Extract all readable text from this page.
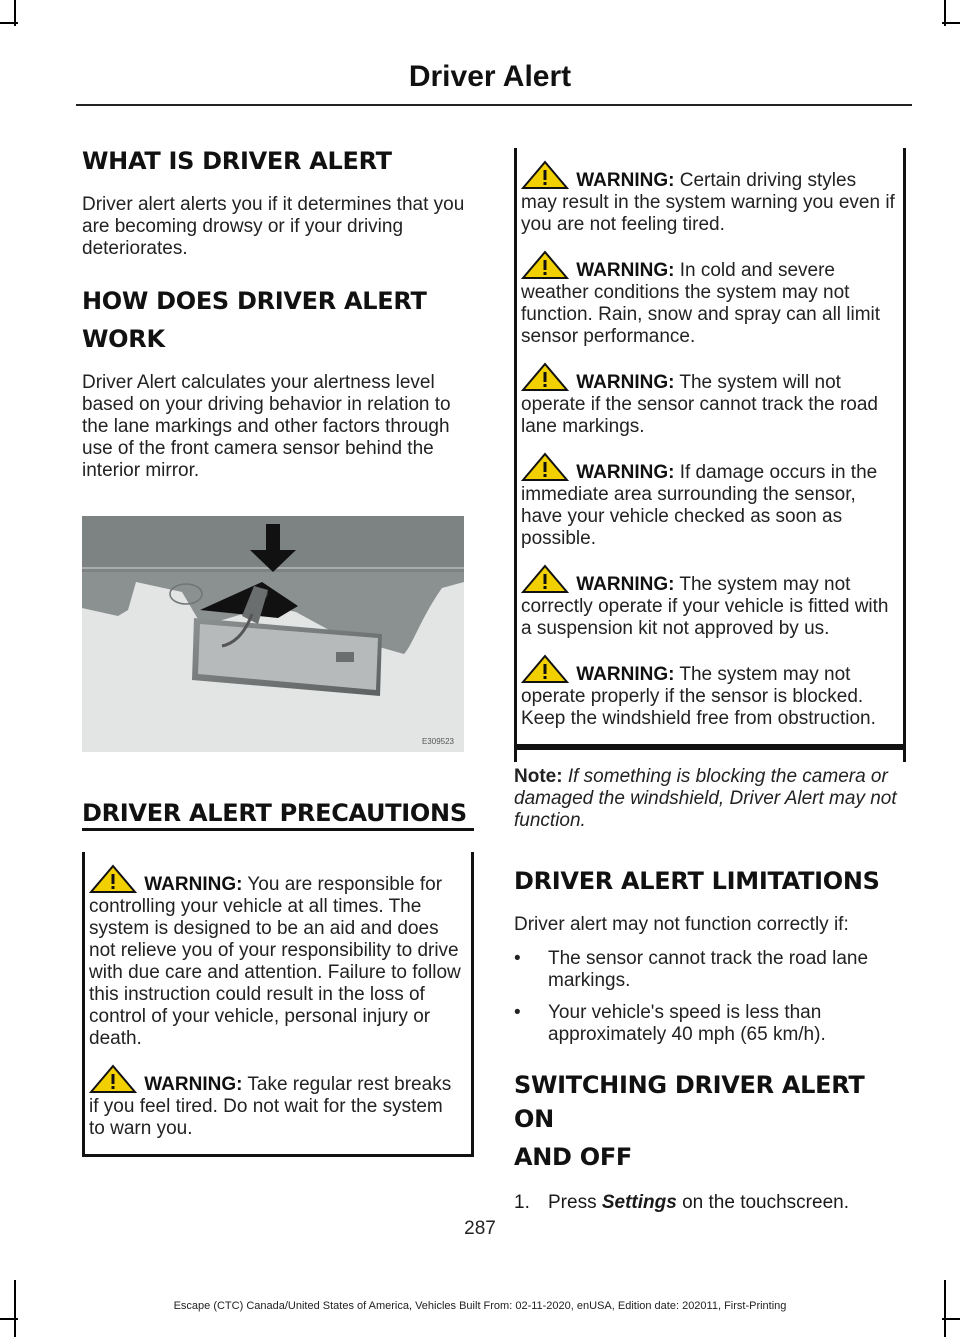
Driver Alert
WHAT IS DRIVER ALERT

Driver alert alerts you if it determines that you are becoming drowsy or if your driving deteriorates.

HOW DOES DRIVER ALERT
WORK

Driver Alert calculates your alertness level based on your driving behavior in relation to the lane markings and other factors through use of the front camera sensor behind the interior mirror.

E309523
DRIVER ALERT PRECAUTIONS
WARNING: You are responsible for controlling your vehicle at all times. The system is designed to be an aid and does not relieve you of your responsibility to drive with due care and attention. Failure to follow this instruction could result in the loss of control of your vehicle, personal injury or death.
WARNING: Take regular rest breaks if you feel tired. Do not wait for the system to warn you.
WARNING: Certain driving styles may result in the system warning you even if you are not feeling tired.
WARNING: In cold and severe weather conditions the system may not function. Rain, snow and spray can all limit sensor performance.
WARNING: The system will not operate if the sensor cannot track the road lane markings.
WARNING: If damage occurs in the immediate area surrounding the sensor, have your vehicle checked as soon as possible.
WARNING: The system may not correctly operate if your vehicle is fitted with a suspension kit not approved by us.
WARNING: The system may not operate properly if the sensor is blocked. Keep the windshield free from obstruction.

Note: If something is blocking the camera or damaged the windshield, Driver Alert may not function.

DRIVER ALERT LIMITATIONS

Driver alert may not function correctly if:

• The sensor cannot track the road lane markings.
• Your vehicle's speed is less than approximately 40 mph (65 km/h).
SWITCHING DRIVER ALERT ON
AND OFF
1. Press Settings on the touchscreen.
287
Escape (CTC) Canada/United States of America, Vehicles Built From: 02-11-2020, enUSA, Edition date: 202011, First-Printing
